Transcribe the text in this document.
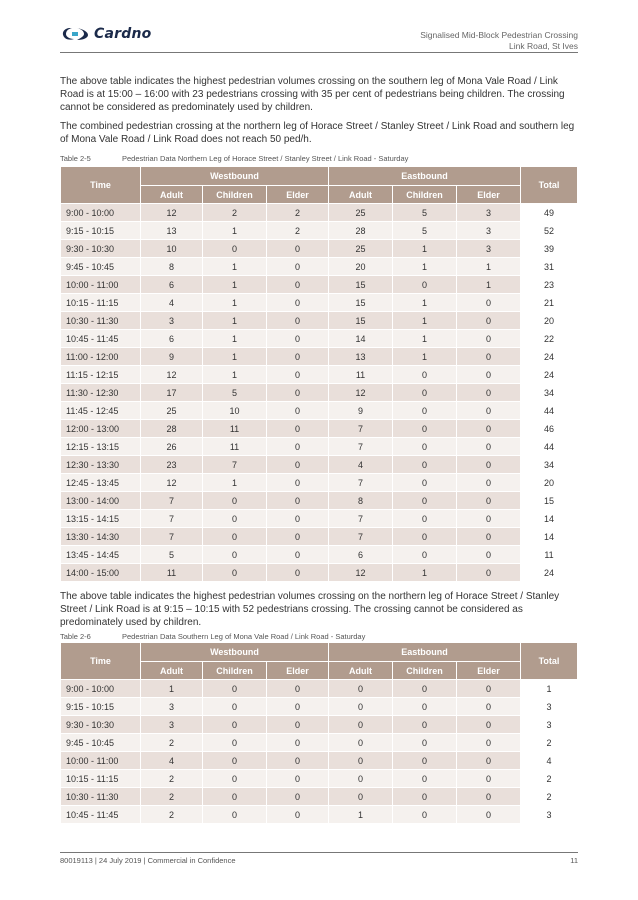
Cardno	Signalised Mid-Block Pedestrian Crossing
Link Road, St Ives

The above table indicates the highest pedestrian volumes crossing on the southern leg of Mona Vale Road / Link Road is at 15:00 – 16:00 with 23 pedestrians crossing with 35 per cent of pedestrians being children. The crossing cannot be considered as predominately used by children.

The combined pedestrian crossing at the northern leg of Horace Street / Stanley Street / Link Road and southern leg of Mona Vale Road / Link Road does not reach 50 ped/h.

Table 2-5	Pedestrian Data Northern Leg of Horace Street / Stanley Street / Link Road - Saturday
Time	Westbound			Eastbound			Total
	Adult	Children	Elder	Adult	Children	Elder	
9:00 - 10:00	12	2	2	25	5	3	49
9:15 - 10:15	13	1	2	28	5	3	52
9:30 - 10:30	10	0	0	25	1	3	39
9:45 - 10:45	8	1	0	20	1	1	31
10:00 - 11:00	6	1	0	15	0	1	23
10:15 - 11:15	4	1	0	15	1	0	21
10:30 - 11:30	3	1	0	15	1	0	20
10:45 - 11:45	6	1	0	14	1	0	22
11:00 - 12:00	9	1	0	13	1	0	24
11:15 - 12:15	12	1	0	11	0	0	24
11:30 - 12:30	17	5	0	12	0	0	34
11:45 - 12:45	25	10	0	9	0	0	44
12:00 - 13:00	28	11	0	7	0	0	46
12:15 - 13:15	26	11	0	7	0	0	44
12:30 - 13:30	23	7	0	4	0	0	34
12:45 - 13:45	12	1	0	7	0	0	20
13:00 - 14:00	7	0	0	8	0	0	15
13:15 - 14:15	7	0	0	7	0	0	14
13:30 - 14:30	7	0	0	7	0	0	14
13:45 - 14:45	5	0	0	6	0	0	11
14:00 - 15:00	11	0	0	12	1	0	24

The above table indicates the highest pedestrian volumes crossing on the northern leg of Horace Street / Stanley Street / Link Road is at 9:15 – 10:15 with 52 pedestrians crossing. The crossing cannot be considered as predominately used by children.

Table 2-6	Pedestrian Data Southern Leg of Mona Vale Road / Link Road - Saturday
Time	Westbound			Eastbound			Total
	Adult	Children	Elder	Adult	Children	Elder	
9:00 - 10:00	1	0	0	0	0	0	1
9:15 - 10:15	3	0	0	0	0	0	3
9:30 - 10:30	3	0	0	0	0	0	3
9:45 - 10:45	2	0	0	0	0	0	2
10:00 - 11:00	4	0	0	0	0	0	4
10:15 - 11:15	2	0	0	0	0	0	2
10:30 - 11:30	2	0	0	0	0	0	2
10:45 - 11:45	2	0	0	1	0	0	3
80019113 | 24 July 2019 | Commercial in Confidence	11
